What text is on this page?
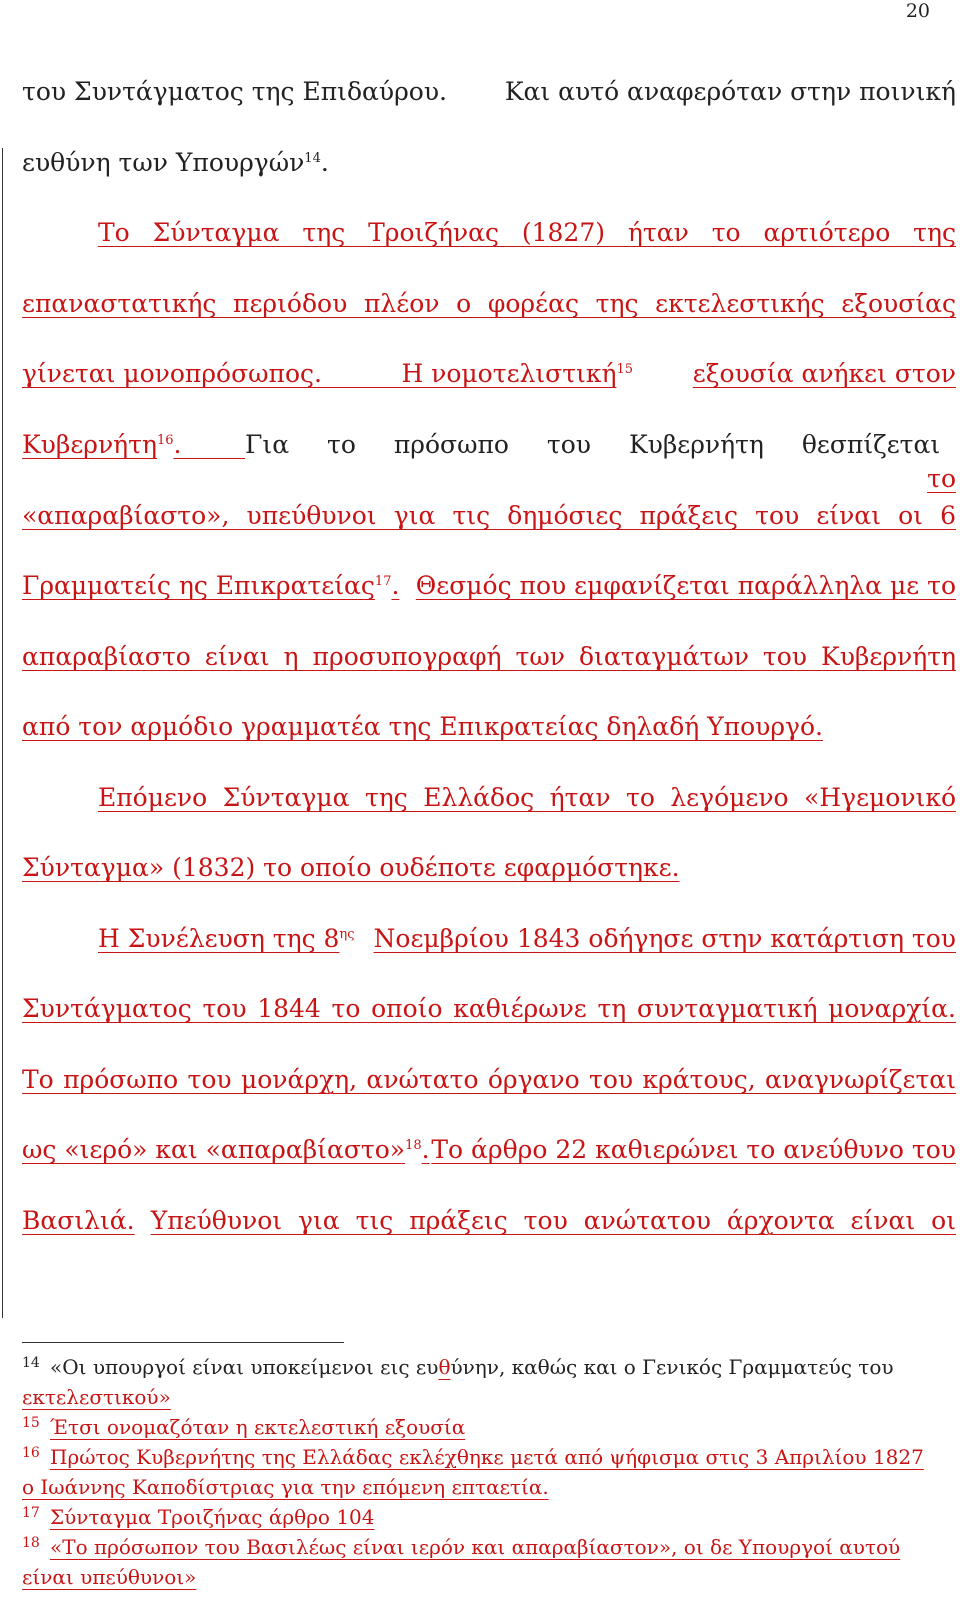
20
του Συντάγματος της Επιδαύρου. Και αυτό αναφερόταν στην ποινική
ευθύνη των Υπουργών$^{14}$.
Το Σύνταγμα της Τροιζήνας (1827) ήταν το αρτιότερο της
επαναστατικής περιόδου πλέον ο φορέας της εκτελεστικής εξουσίας
γίνεται μονοπρόσωπος.	Η νομοτελιστική$^{15}$ εξουσία ανήκει στον
Κυβερνήτη$^{16}$.	Για το πρόσωπο του Κυβερνήτη θεσπίζεται
το
«απαραβίαστο», υπεύθυνοι για τις δημόσιες πράξεις του είναι οι 6
Γραμματείς ης Επικρατείας$^{17}$. Θεσμός που εμφανίζεται παράλληλα με το
απαραβίαστο είναι η προσυπογραφή των διαταγμάτων του Κυβερνήτη
από τον αρμόδιο γραμματέα της Επικρατείας δηλαδή Υπουργό.
Επόμενο Σύνταγμα της Ελλάδος ήταν το λεγόμενο «Ηγεμονικό
Σύνταγμα» (1832) το οποίο ουδέποτε εφαρμόστηκε.
Η Συνέλευση της $8^{\eta\varsigma}$ Νοεμβρίου 1843 οδήγησε στην κατάρτιση του
Συντάγματος του 1844 το οποίο καθιέρωνε τη συνταγματική μοναρχία.
Το πρόσωπο του μονάρχη, ανώτατο όργανο του κράτους, αναγνωρίζεται
ως «ιερό» και «απαραβίαστο»$^{18}$. Το άρθρο 22 καθιερώνει το ανεύθυνο του
Βασιλιά. Υπεύθυνοι για τις πράξεις του ανώτατου άρχοντα είναι οι
14 «Οι υπουργοί είναι υποκείμενοι εις ευθύνην, καθώς και ο Γενικός Γραμματεύς του
εκτελεστικού»
15 Έτσι ονομαζόταν η εκτελεστική εξουσία
16 Πρώτος Κυβερνήτης της Ελλάδας εκλέχθηκε μετά από ψήφισμα στις 3 Απριλίου 1827
ο Ιωάννης Καποδίστριας για την επόμενη επταετία.
17 Σύνταγμα Τροιζήνας άρθρο 104
18 «Το πρόσωπον του Βασιλέως είναι ιερόν και απαραβίαστον», οι δε Υπουργοί αυτού
είναι υπεύθυνοι»
